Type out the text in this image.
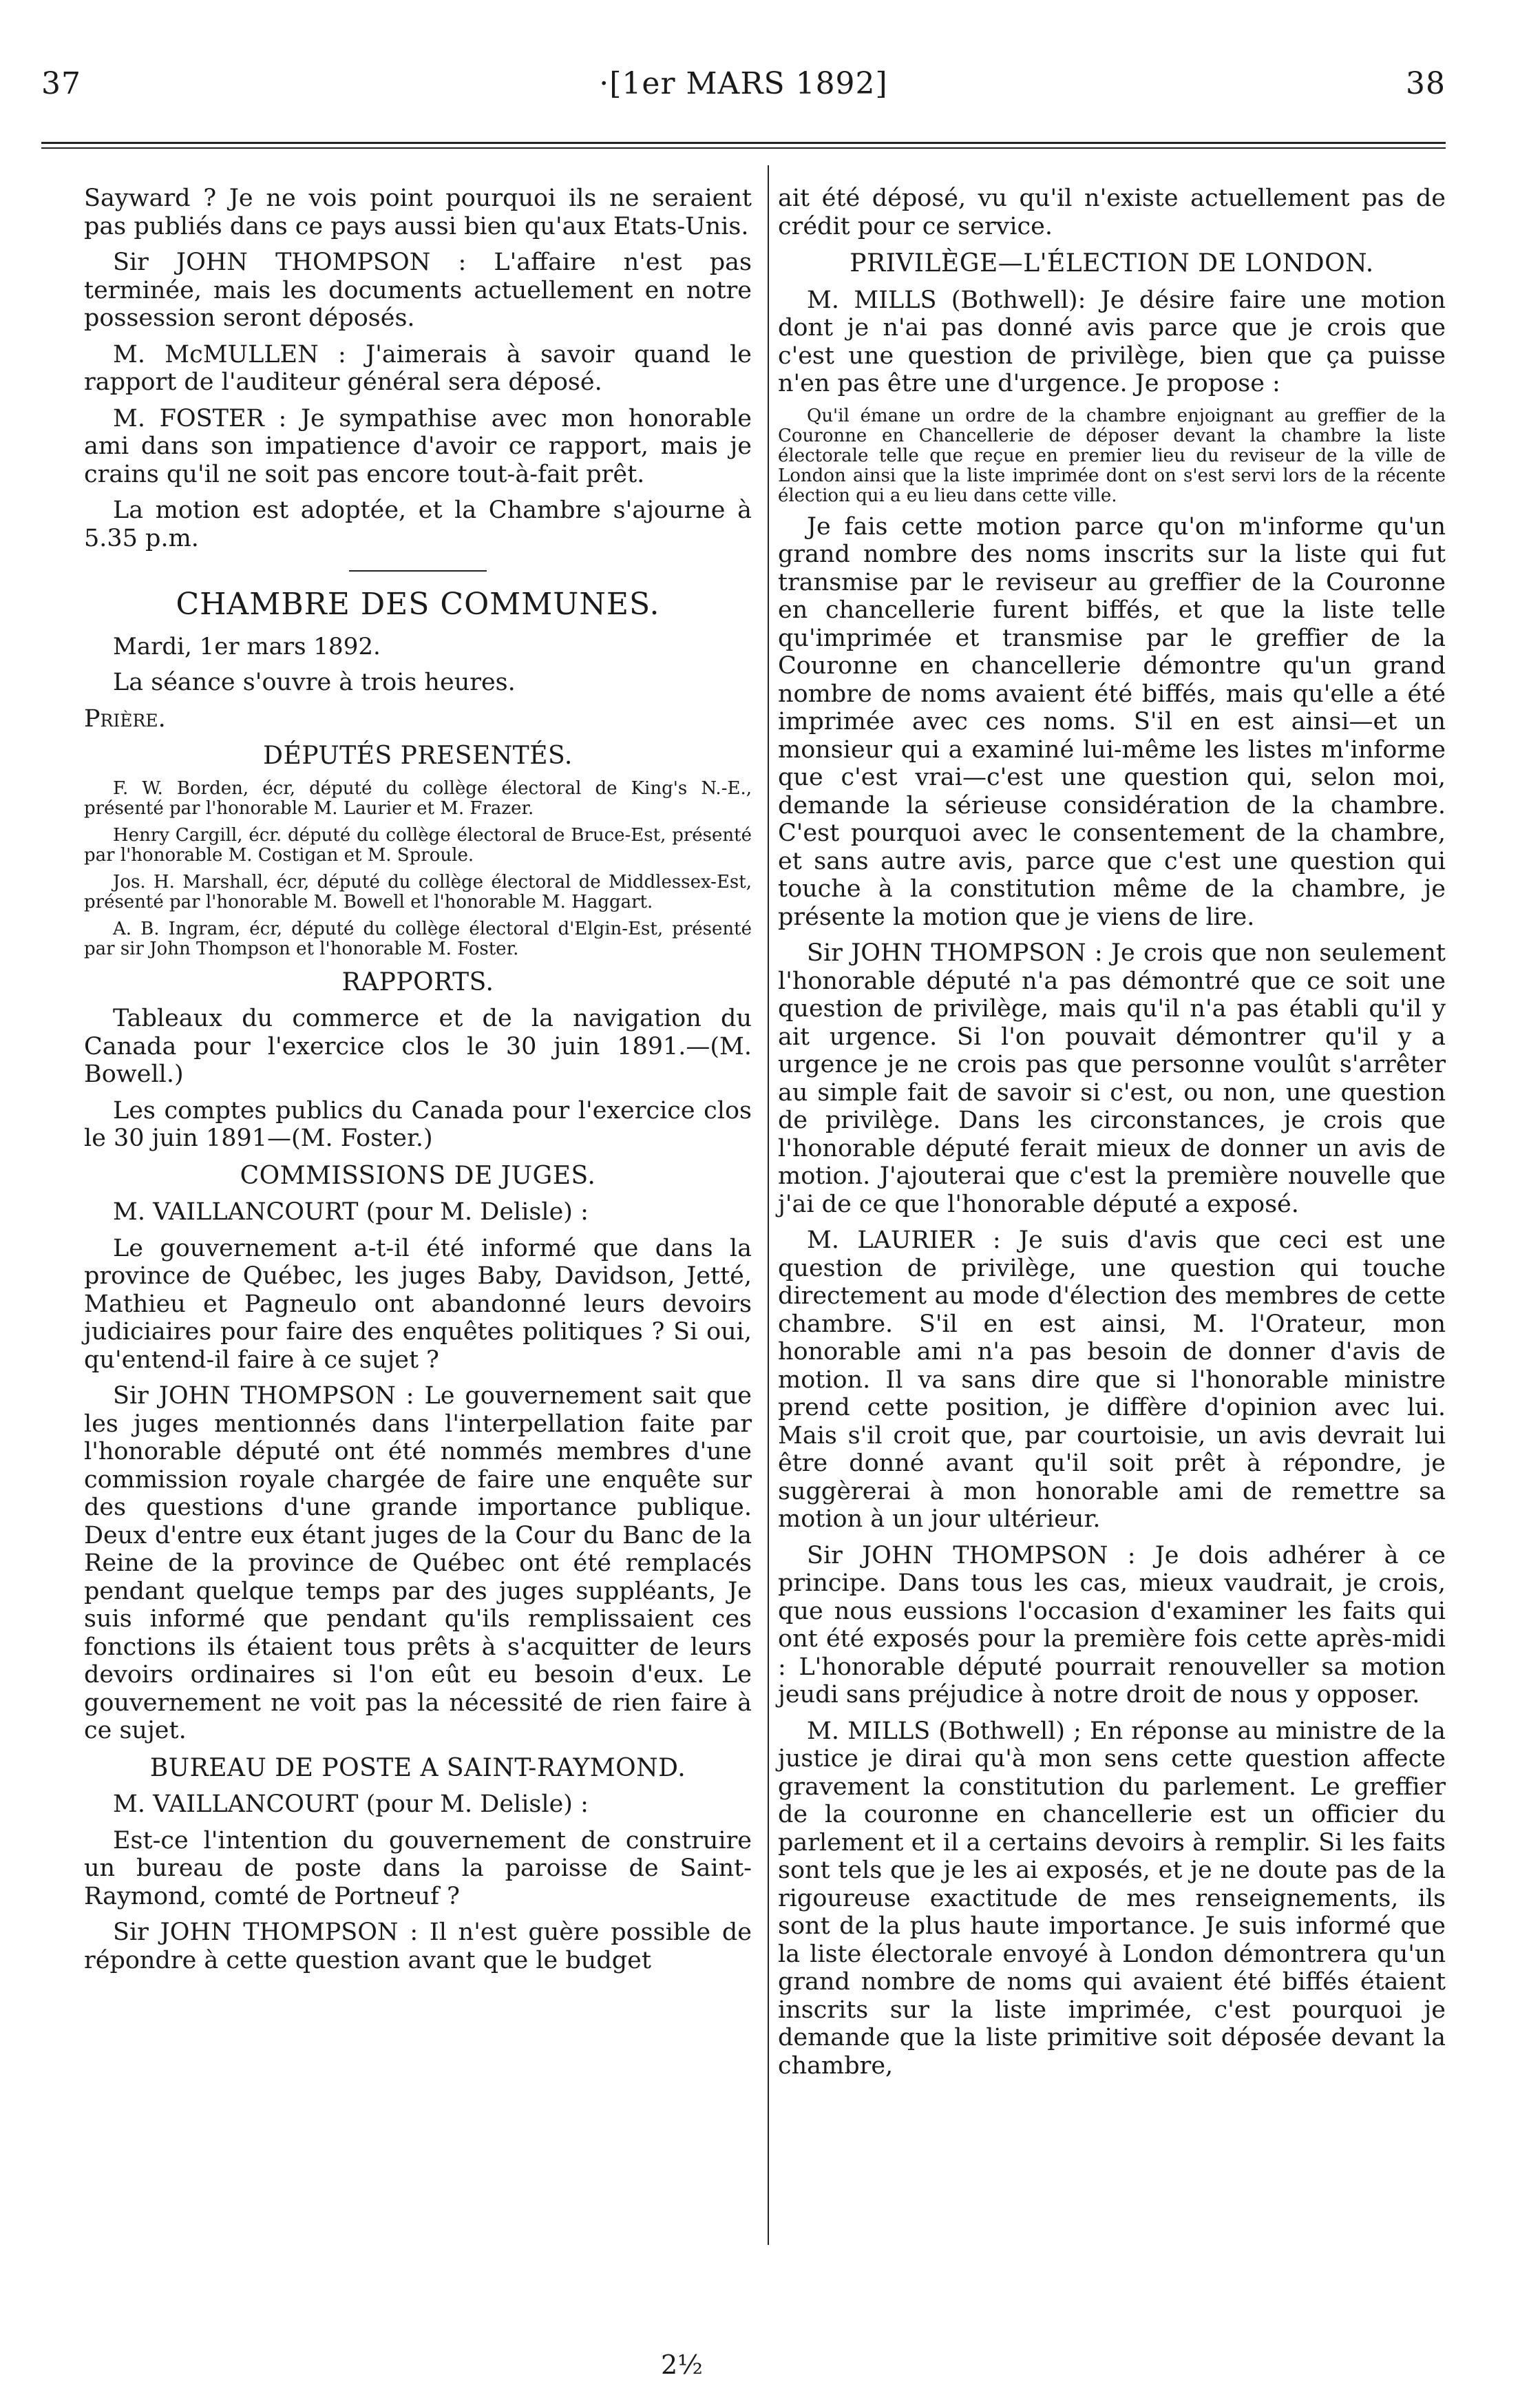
37	·[1er MARS 1892]	38

Sayward ? Je ne vois point pourquoi ils ne seraient pas publiés dans ce pays aussi bien qu'aux Etats-Unis.

Sir JOHN THOMPSON : L'affaire n'est pas terminée, mais les documents actuellement en notre possession seront déposés.

M. McMULLEN : J'aimerais à savoir quand le rapport de l'auditeur général sera déposé.

M. FOSTER : Je sympathise avec mon honorable ami dans son impatience d'avoir ce rapport, mais je crains qu'il ne soit pas encore tout-à-fait prêt.

La motion est adoptée, et la Chambre s'ajourne à 5.35 p.m.

CHAMBRE DES COMMUNES.

Mardi, 1er mars 1892.

La séance s'ouvre à trois heures.

Prière.

DÉPUTÉS PRESENTÉS.

F. W. Borden, écr, député du collège électoral de King's N.-E., présenté par l'honorable M. Laurier et M. Frazer.

Henry Cargill, écr. député du collège électoral de Bruce-Est, présenté par l'honorable M. Costigan et M. Sproule.

Jos. H. Marshall, écr, député du collège électoral de Middlessex-Est, présenté par l'honorable M. Bowell et l'honorable M. Haggart.

A. B. Ingram, écr, député du collège électoral d'Elgin-Est, présenté par sir John Thompson et l'honorable M. Foster.

RAPPORTS.

Tableaux du commerce et de la navigation du Canada pour l'exercice clos le 30 juin 1891.—(M. Bowell.)

Les comptes publics du Canada pour l'exercice clos le 30 juin 1891—(M. Foster.)

COMMISSIONS DE JUGES.

M. VAILLANCOURT (pour M. Delisle) :

Le gouvernement a-t-il été informé que dans la province de Québec, les juges Baby, Davidson, Jetté, Mathieu et Pagneulo ont abandonné leurs devoirs judiciaires pour faire des enquêtes politiques ? Si oui, qu'entend-il faire à ce sujet ?

Sir JOHN THOMPSON : Le gouvernement sait que les juges mentionnés dans l'interpellation faite par l'honorable député ont été nommés membres d'une commission royale chargée de faire une enquête sur des questions d'une grande importance publique. Deux d'entre eux étant juges de la Cour du Banc de la Reine de la province de Québec ont été remplacés pendant quelque temps par des juges suppléants, Je suis informé que pendant qu'ils remplissaient ces fonctions ils étaient tous prêts à s'acquitter de leurs devoirs ordinaires si l'on eût eu besoin d'eux. Le gouvernement ne voit pas la nécessité de rien faire à ce sujet.

BUREAU DE POSTE A SAINT-RAYMOND.

M. VAILLANCOURT (pour M. Delisle) :

Est-ce l'intention du gouvernement de construire un bureau de poste dans la paroisse de Saint-Raymond, comté de Portneuf ?

Sir JOHN THOMPSON : Il n'est guère possible de répondre à cette question avant que le budget

ait été déposé, vu qu'il n'existe actuellement pas de crédit pour ce service.

PRIVILÈGE—L'ÉLECTION DE LONDON.

M. MILLS (Bothwell): Je désire faire une motion dont je n'ai pas donné avis parce que je crois que c'est une question de privilège, bien que ça puisse n'en pas être une d'urgence. Je propose :

Qu'il émane un ordre de la chambre enjoignant au greffier de la Couronne en Chancellerie de déposer devant la chambre la liste électorale telle que reçue en premier lieu du reviseur de la ville de London ainsi que la liste imprimée dont on s'est servi lors de la récente élection qui a eu lieu dans cette ville.

Je fais cette motion parce qu'on m'informe qu'un grand nombre des noms inscrits sur la liste qui fut transmise par le reviseur au greffier de la Couronne en chancellerie furent biffés, et que la liste telle qu'imprimée et transmise par le greffier de la Couronne en chancellerie démontre qu'un grand nombre de noms avaient été biffés, mais qu'elle a été imprimée avec ces noms. S'il en est ainsi—et un monsieur qui a examiné lui-même les listes m'informe que c'est vrai—c'est une question qui, selon moi, demande la sérieuse considération de la chambre. C'est pourquoi avec le consentement de la chambre, et sans autre avis, parce que c'est une question qui touche à la constitution même de la chambre, je présente la motion que je viens de lire.

Sir JOHN THOMPSON : Je crois que non seulement l'honorable député n'a pas démontré que ce soit une question de privilège, mais qu'il n'a pas établi qu'il y ait urgence. Si l'on pouvait démontrer qu'il y a urgence je ne crois pas que personne voulût s'arrêter au simple fait de savoir si c'est, ou non, une question de privilège. Dans les circonstances, je crois que l'honorable député ferait mieux de donner un avis de motion. J'ajouterai que c'est la première nouvelle que j'ai de ce que l'honorable député a exposé.

M. LAURIER : Je suis d'avis que ceci est une question de privilège, une question qui touche directement au mode d'élection des membres de cette chambre. S'il en est ainsi, M. l'Orateur, mon honorable ami n'a pas besoin de donner d'avis de motion. Il va sans dire que si l'honorable ministre prend cette position, je diffère d'opinion avec lui. Mais s'il croit que, par courtoisie, un avis devrait lui être donné avant qu'il soit prêt à répondre, je suggèrerai à mon honorable ami de remettre sa motion à un jour ultérieur.

Sir JOHN THOMPSON : Je dois adhérer à ce principe. Dans tous les cas, mieux vaudrait, je crois, que nous eussions l'occasion d'examiner les faits qui ont été exposés pour la première fois cette après-midi : L'honorable député pourrait renouveller sa motion jeudi sans préjudice à notre droit de nous y opposer.

M. MILLS (Bothwell) ; En réponse au ministre de la justice je dirai qu'à mon sens cette question affecte gravement la constitution du parlement. Le greffier de la couronne en chancellerie est un officier du parlement et il a certains devoirs à remplir. Si les faits sont tels que je les ai exposés, et je ne doute pas de la rigoureuse exactitude de mes renseignements, ils sont de la plus haute importance. Je suis informé que la liste électorale envoyé à London démontrera qu'un grand nombre de noms qui avaient été biffés étaient inscrits sur la liste imprimée, c'est pourquoi je demande que la liste primitive soit déposée devant la chambre,

2½
